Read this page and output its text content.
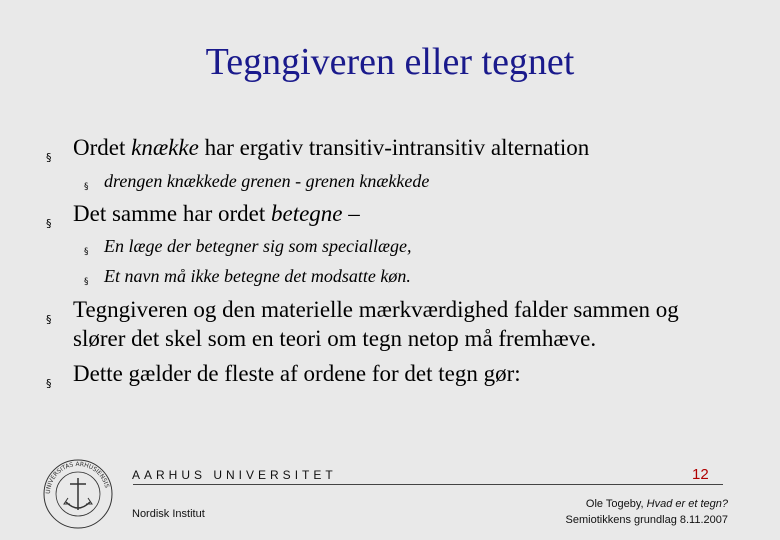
Tegngiveren eller tegnet
§ Ordet knække har ergativ transitiv-intransitiv alternation
§ drengen knækkede grenen - grenen knækkede
§ Det samme har ordet betegne –
§ En læge der betegner sig som speciallæge,
§ Et navn må ikke betegne det modsatte køn.
§ Tegngiveren og den materielle mærkværdighed falder sammen og
slører det skel som en teori om tegn netop må fremhæve.
§ Dette gælder de fleste af ordene for det tegn gør:
UNIVERSITAS ARHUSIENSIS
AARHUS UNIVERSITET	12
Nordisk Institut
Ole Togeby, Hvad er et tegn?
Semiotikkens grundlag 8.11.2007
